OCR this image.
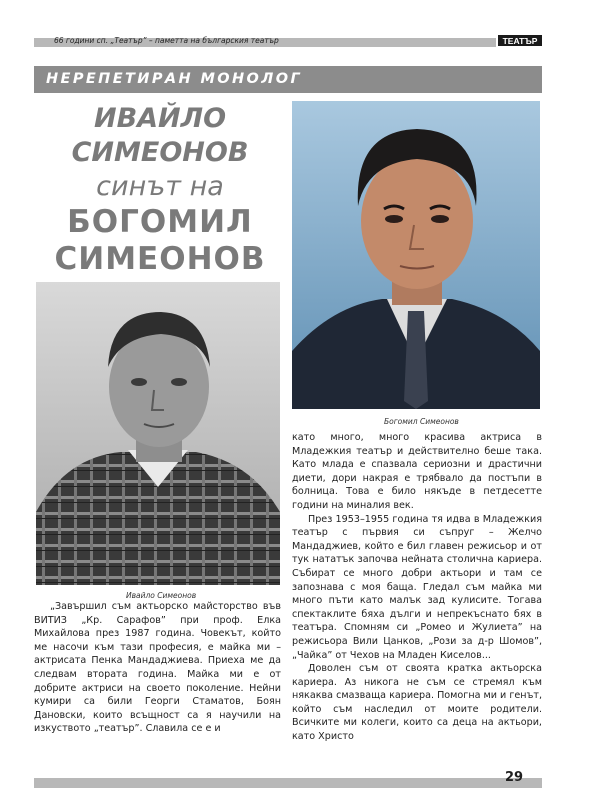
66 години сп. „Театър” – паметта на българския театър	ТЕАТЪР
НЕРЕПЕТИРАН МОНОЛОГ
ИВАЙЛО
СИМЕОНОВ
синът на
БОГОМИЛ
СИМЕОНОВ
Ивайло Симеонов
Богомил Симеонов

„Завършил съм актьорско майсторство във ВИТИЗ „Кр. Сарафов” при проф. Елка Михайлова през 1987 година. Човекът, който ме насочи към тази професия, е майка ми – актрисата Пенка Мандаджиева. Приеха ме да следвам втората година. Майка ми е от добрите актриси на своето поколение. Нейни кумири са били Георги Стаматов, Боян Дановски, които всъщност са я научили на изкуството „театър”. Славила се е и

като много, много красива актриса в Младежкия театър и действително беше така. Като млада е спазвала сериозни и драстични диети, дори накрая е трябвало да постъпи в болница. Това е било някъде в петдесетте години на миналия век.

През 1953–1955 година тя идва в Младежкия театър с първия си съпруг – Желчо Мандаджиев, който е бил главен режисьор и от тук нататък започва нейната столична кариера. Събират се много добри актьори и там се запознава с моя баща. Гледал съм майка ми много пъти като малък зад кулисите. Тогава спектаклите бяха дълги и непрекъснато бях в театъра. Спомням си „Ромео и Жулиета” на режисьора Вили Цанков, „Рози за д-р Шомов”, „Чайка” от Чехов на Младен Киселов...

Доволен съм от своята кратка актьорска кариера. Аз никога не съм се стремял към някаква смазваща кариера. Помогна ми и генът, който съм наследил от моите родители. Всичките ми колеги, които са деца на актьори, като Христо

29
